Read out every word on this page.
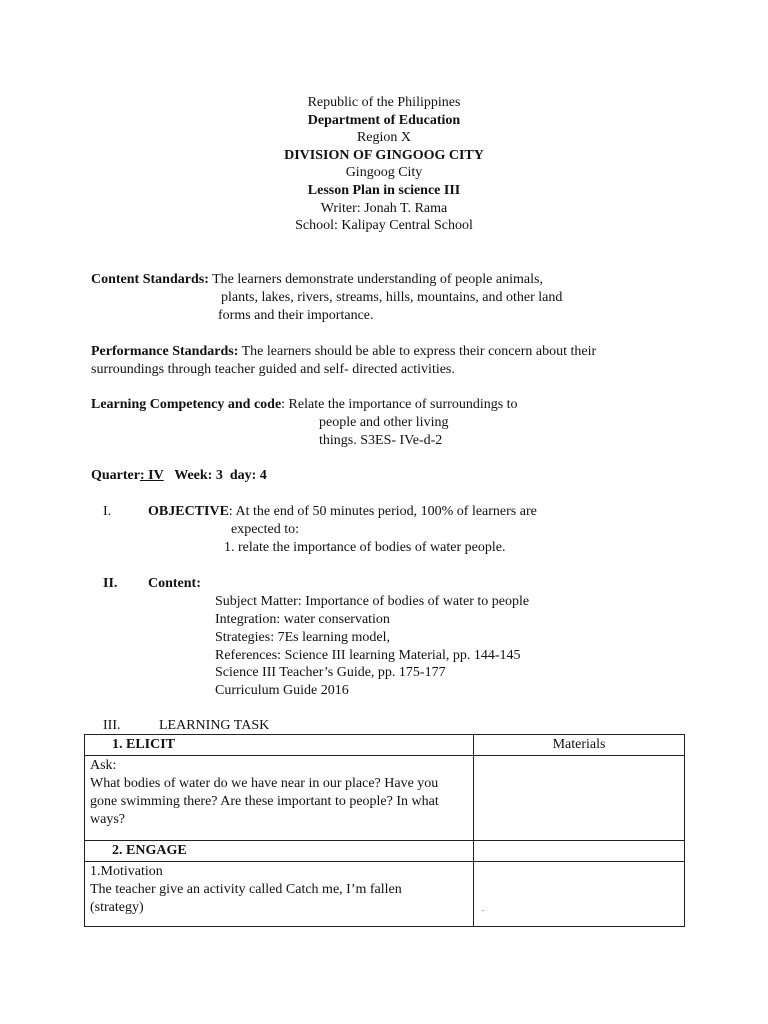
Republic of the Philippines
Department of Education
Region X
DIVISION OF GINGOOG CITY
Gingoog City
Lesson Plan in science III
Writer: Jonah T. Rama
School: Kalipay Central School
Content Standards: The learners demonstrate understanding of people animals,
plants, lakes, rivers, streams, hills, mountains, and other land
forms and their importance.
Performance Standards: The learners should be able to express their concern about their
surroundings through teacher guided and self- directed activities.
Learning Competency and code: Relate the importance of surroundings to
people and other living
things. S3ES- IVe-d-2
Quarter: IV Week: 3 day: 4
I.	OBJECTIVE: At the end of 50 minutes period, 100% of learners are
expected to:
1. relate the importance of bodies of water people.
II. Content:
Subject Matter: Importance of bodies of water to people
Integration: water conservation
Strategies: 7Es learning model,
References: Science III learning Material, pp. 144-145
Science III Teacher’s Guide, pp. 175-177
Curriculum Guide 2016
III.	LEARNING TASK
1. ELICIT	Materials

Ask:
What bodies of water do we have near in our place? Have you
gone swimming there? Are these important to people? In what
ways?	

2. ENGAGE	

1.Motivation
The teacher give an activity called Catch me, I’m fallen
(strategy)	$_.$
